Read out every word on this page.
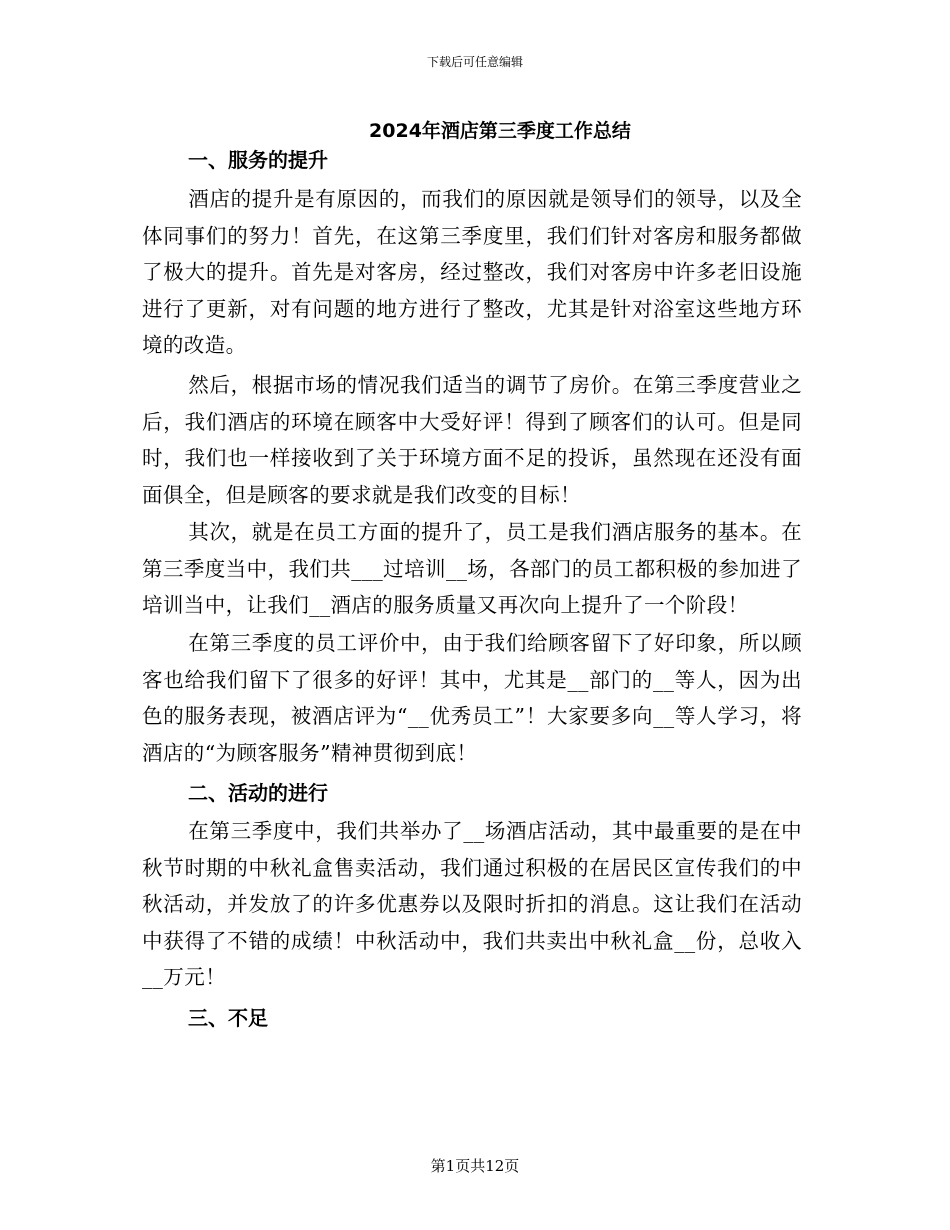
下载后可任意编辑
2024年酒店第三季度工作总结
一、服务的提升
酒店的提升是有原因的，而我们的原因就是领导们的领导，以及全体同事们的努力！首先，在这第三季度里，我们们针对客房和服务都做了极大的提升。首先是对客房，经过整改，我们对客房中许多老旧设施进行了更新，对有问题的地方进行了整改，尤其是针对浴室这些地方环境的改造。
然后，根据市场的情况我们适当的调节了房价。在第三季度营业之后，我们酒店的环境在顾客中大受好评！得到了顾客们的认可。但是同时，我们也一样接收到了关于环境方面不足的投诉，虽然现在还没有面面俱全，但是顾客的要求就是我们改变的目标！
其次，就是在员工方面的提升了，员工是我们酒店服务的基本。在第三季度当中，我们共___过培训__场，各部门的员工都积极的参加进了培训当中，让我们__酒店的服务质量又再次向上提升了一个阶段！
在第三季度的员工评价中，由于我们给顾客留下了好印象，所以顾客也给我们留下了很多的好评！其中，尤其是__部门的__等人，因为出色的服务表现，被酒店评为“__优秀员工”！大家要多向__等人学习，将酒店的“为顾客服务”精神贯彻到底！
二、活动的进行
在第三季度中，我们共举办了__场酒店活动，其中最重要的是在中秋节时期的中秋礼盒售卖活动，我们通过积极的在居民区宣传我们的中秋活动，并发放了的许多优惠券以及限时折扣的消息。这让我们在活动中获得了不错的成绩！中秋活动中，我们共卖出中秋礼盒__份，总收入__万元！
三、不足
第1页共12页
